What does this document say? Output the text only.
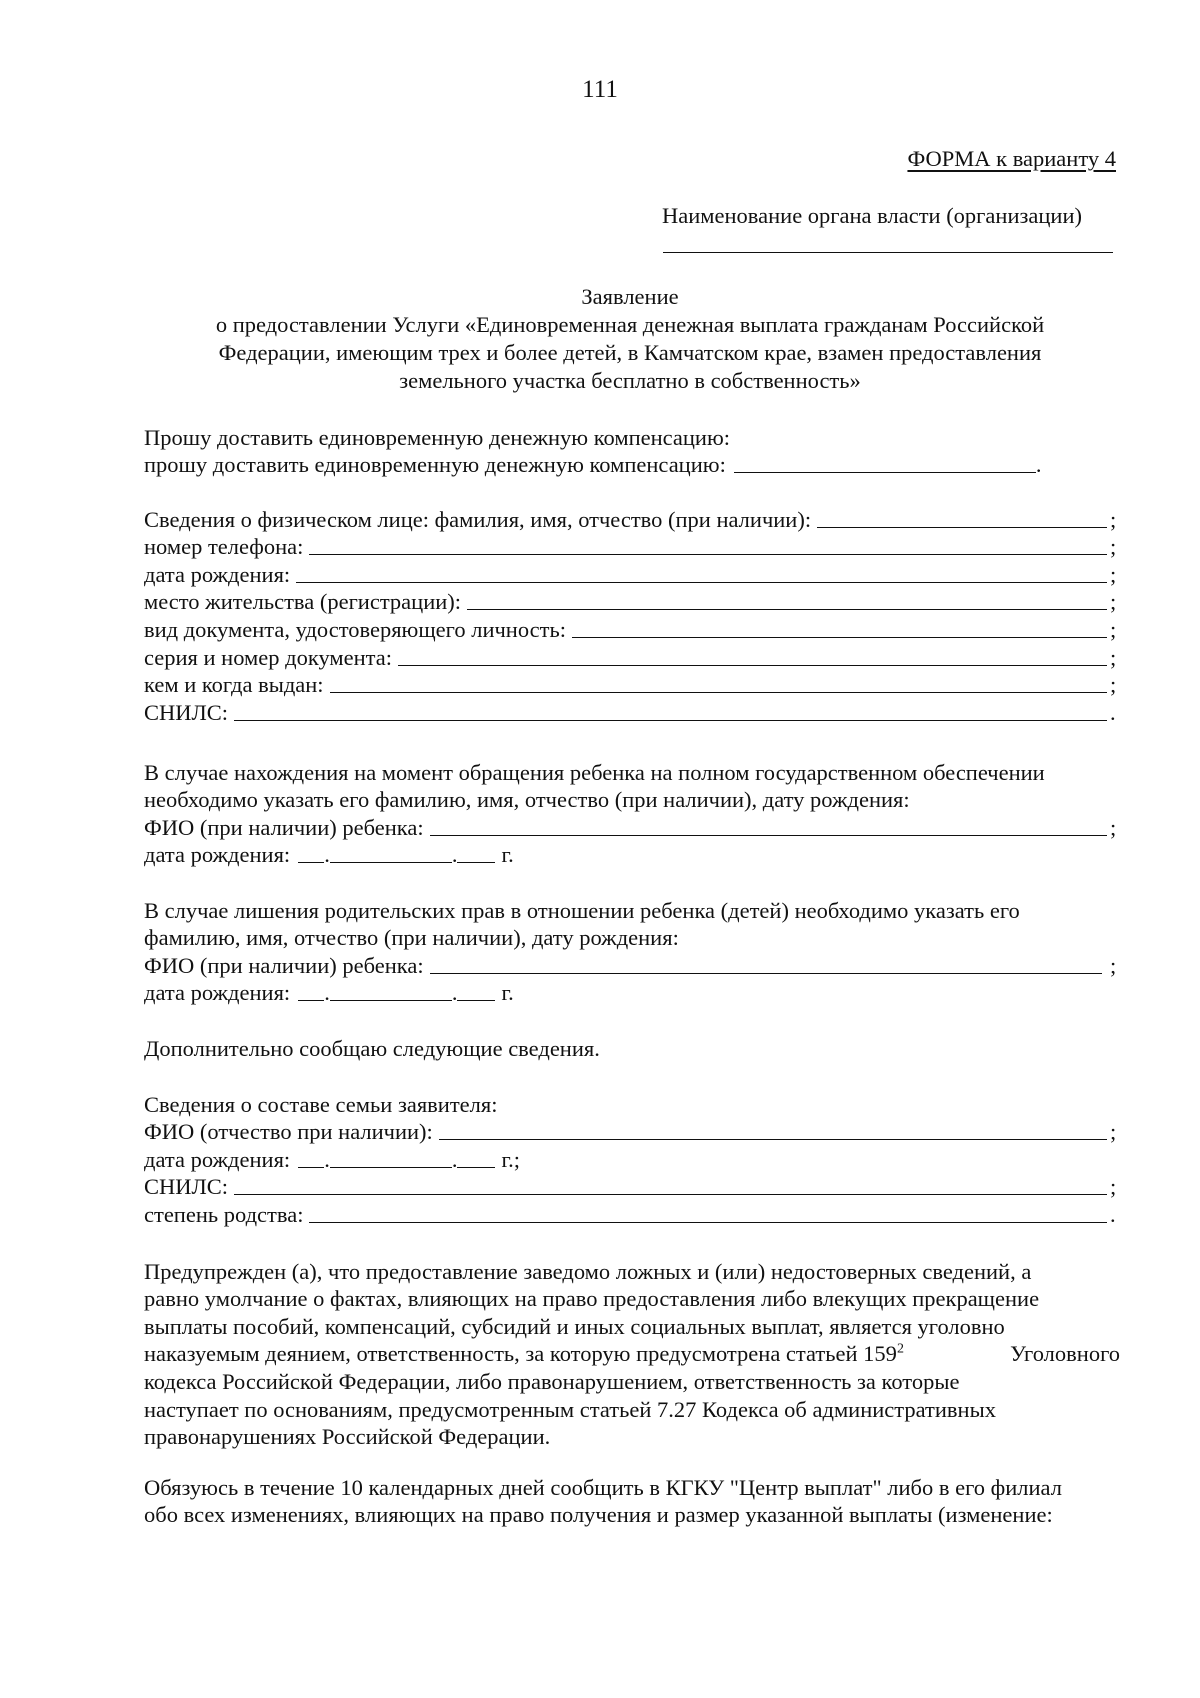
111
ФОРМА к варианту 4
Наименование органа власти (организации)
Заявление
о предоставлении Услуги «Единовременная денежная выплата гражданам Российской
Федерации, имеющим трех и более детей, в Камчатском крае, взамен предоставления
земельного участка бесплатно в собственность»
Прошу доставить единовременную денежную компенсацию:
прошу доставить единовременную денежную компенсацию:	.
Сведения о физическом лице: фамилия, имя, отчество (при наличии):	;
номер телефона:	;
дата рождения:	;
место жительства (регистрации):	;
вид документа, удостоверяющего личность:	;
серия и номер документа:	;
кем и когда выдан:	;
СНИЛС:	.
В случае нахождения на момент обращения ребенка на полном государственном обеспечении
необходимо указать его фамилию, имя, отчество (при наличии), дату рождения:
ФИО (при наличии) ребенка:	;
дата рождения: .	. г.
В случае лишения родительских прав в отношении ребенка (детей) необходимо указать его
фамилию, имя, отчество (при наличии), дату рождения:
ФИО (при наличии) ребенка:	;
дата рождения: .	. г.
Дополнительно сообщаю следующие сведения.
Сведения о составе семьи заявителя:
ФИО (отчество при наличии):	;
дата рождения: .	. г.;
СНИЛС:	;
степень родства:	.
Предупрежден (а), что предоставление заведомо ложных и (или) недостоверных сведений, а
равно умолчание о фактах, влияющих на право предоставления либо влекущих прекращение
выплаты пособий, компенсаций, субсидий и иных социальных выплат, является уголовно
наказуемым деянием, ответственность, за которую предусмотрена статьей $159^2$	Уголовного
кодекса Российской Федерации, либо правонарушением, ответственность за которые
наступает по основаниям, предусмотренным статьей 7.27 Кодекса об административных
правонарушениях Российской Федерации.
Обязуюсь в течение 10 календарных дней сообщить в КГКУ "Центр выплат" либо в его филиал
обо всех изменениях, влияющих на право получения и размер указанной выплаты (изменение:
